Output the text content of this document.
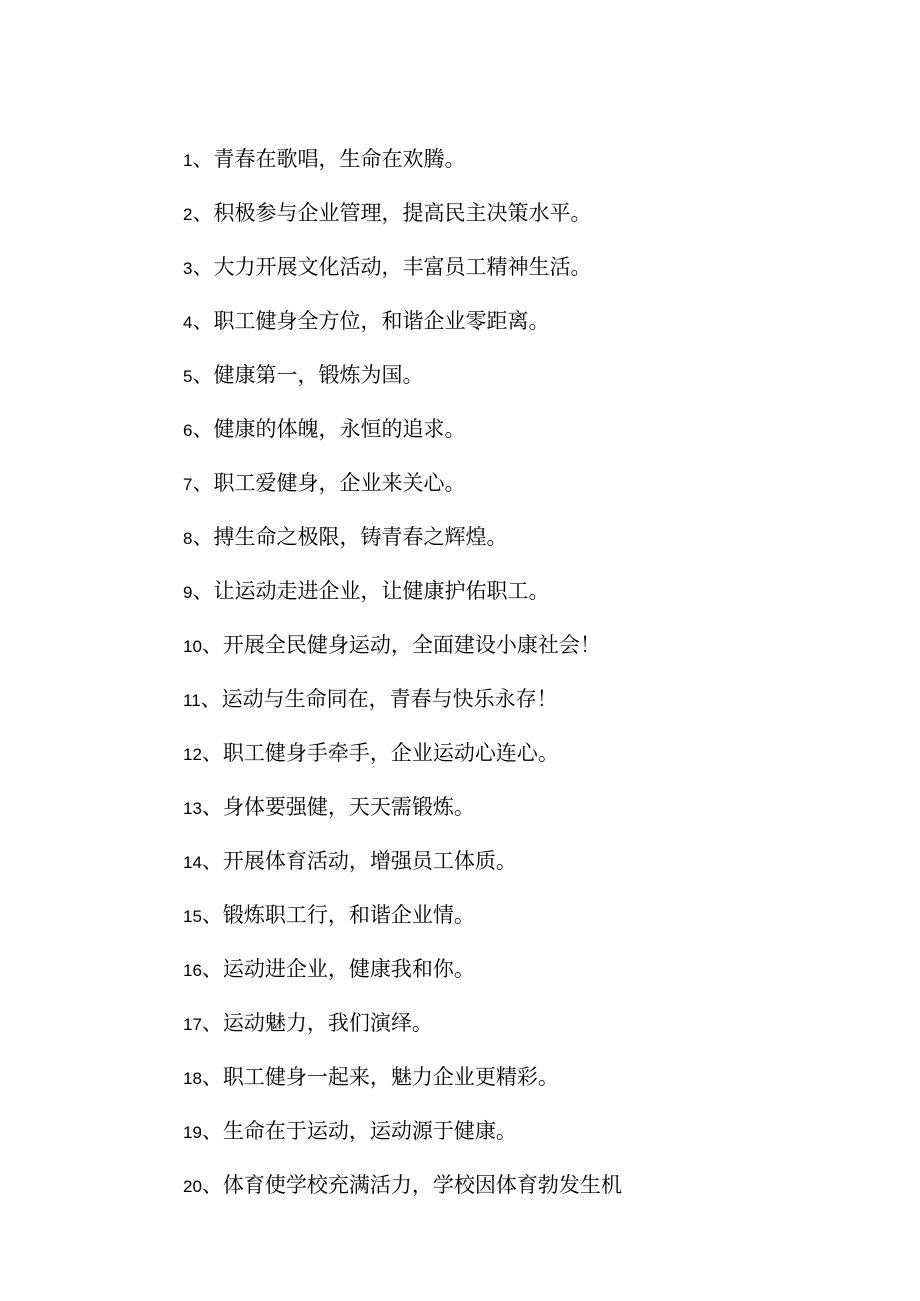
1、青春在歌唱，生命在欢腾。
2、积极参与企业管理，提高民主决策水平。
3、大力开展文化活动，丰富员工精神生活。
4、职工健身全方位，和谐企业零距离。
5、健康第一，锻炼为国。
6、健康的体魄，永恒的追求。
7、职工爱健身，企业来关心。
8、搏生命之极限，铸青春之辉煌。
9、让运动走进企业，让健康护佑职工。
10、开展全民健身运动，全面建设小康社会！
11、运动与生命同在，青春与快乐永存！
12、职工健身手牵手，企业运动心连心。
13、身体要强健，天天需锻炼。
14、开展体育活动，增强员工体质。
15、锻炼职工行，和谐企业情。
16、运动进企业，健康我和你。
17、运动魅力，我们演绎。
18、职工健身一起来，魅力企业更精彩。
19、生命在于运动，运动源于健康。
20、体育使学校充满活力，学校因体育勃发生机
